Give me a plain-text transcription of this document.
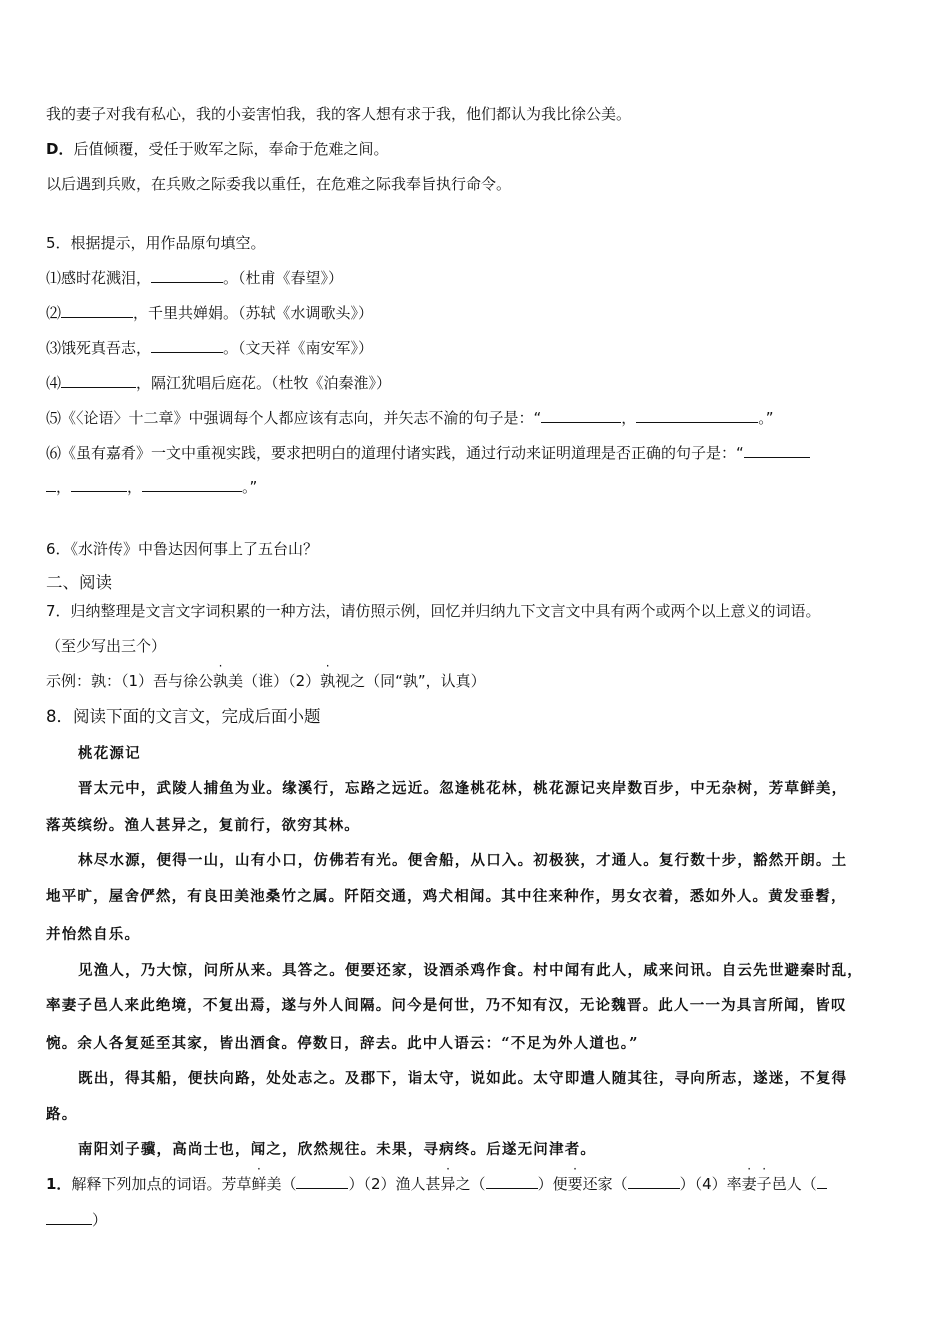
我的妻子对我有私心，我的小妾害怕我，我的客人想有求于我，他们都认为我比徐公美。
D．后值倾覆，受任于败军之际，奉命于危难之间。
以后遇到兵败，在兵败之际委我以重任，在危难之际我奉旨执行命令。
5．根据提示，用作品原句填空。
⑴感时花溅泪，	。（杜甫《春望》）
⑵	，千里共婵娟。（苏轼《水调歌头》）
⑶饿死真吾志，	。（文天祥《南安军》）
⑷	，隔江犹唱后庭花。（杜牧《泊秦淮》）
⑸《〈论语〉十二章》中强调每个人都应该有志向，并矢志不渝的句子是：“	，	。”
⑹《虽有嘉肴》一文中重视实践，要求把明白的道理付诸实践，通过行动来证明道理是否正确的句子是：“
，	，	。”
6．《水浒传》中鲁达因何事上了五台山？
二、阅读
7．归纳整理是文言文字词积累的一种方法，请仿照示例，回忆并归纳九下文言文中具有两个或两个以上意义的词语。
（至少写出三个）
示例：孰：（1）吾与徐公孰美（谁）（2）孰视之（同“孰”，认真）
8．阅读下面的文言文，完成后面小题
桃花源记
晋太元中，武陵人捕鱼为业。缘溪行，忘路之远近。忽逢桃花林，桃花源记夹岸数百步，中无杂树，芳草鲜美，
落英缤纷。渔人甚异之，复前行，欲穷其林。
林尽水源，便得一山，山有小口，仿佛若有光。便舍船，从口入。初极狭，才通人。复行数十步，豁然开朗。土
地平旷，屋舍俨然，有良田美池桑竹之属。阡陌交通，鸡犬相闻。其中往来种作，男女衣着，悉如外人。黄发垂髫，
并怡然自乐。
见渔人，乃大惊，问所从来。具答之。便要还家，设酒杀鸡作食。村中闻有此人，咸来问讯。自云先世避秦时乱，
率妻子邑人来此绝境，不复出焉，遂与外人间隔。问今是何世，乃不知有汉，无论魏晋。此人一一为具言所闻，皆叹
惋。余人各复延至其家，皆出酒食。停数日，辞去。此中人语云：“不足为外人道也。”
既出，得其船，便扶向路，处处志之。及郡下，诣太守，说如此。太守即遣人随其往，寻向所志，遂迷，不复得
路。
南阳刘子骥，高尚士也，闻之，欣然规往。未果，寻病终。后遂无问津者。
1．解释下列加点的词语。芳草鲜美（	）（2）渔人甚异之（	）便要还家（	）（4）率妻子邑人（
）
